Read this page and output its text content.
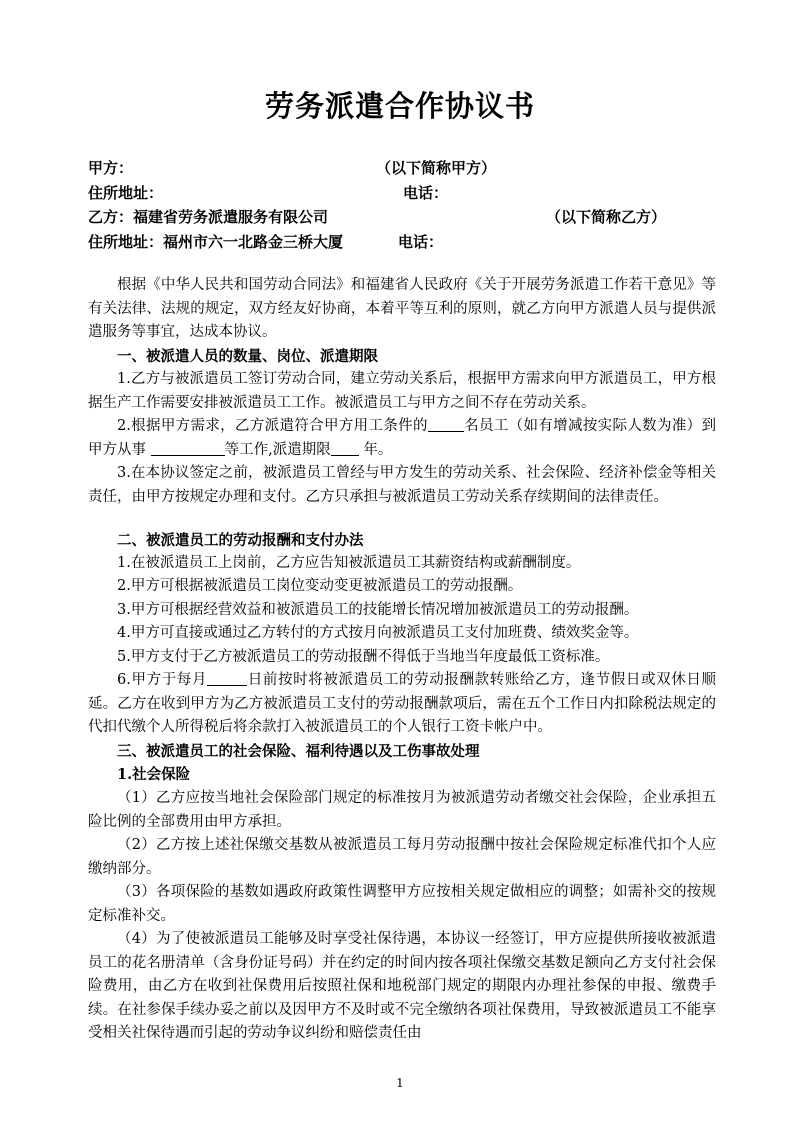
劳务派遣合作协议书
甲方：	（以下简称甲方）
住所地址：	电话：
乙方：福建省劳务派遣服务有限公司	（以下简称乙方）
住所地址：福州市六一北路金三桥大厦	电话：
根据《中华人民共和国劳动合同法》和福建省人民政府《关于开展劳务派遣工作若干意见》等有关法律、法规的规定，双方经友好协商，本着平等互利的原则，就乙方向甲方派遣人员与提供派遣服务等事宜，达成本协议。
一、被派遣人员的数量、岗位、派遣期限
1.乙方与被派遣员工签订劳动合同，建立劳动关系后，根据甲方需求向甲方派遣员工，甲方根据生产工作需要安排被派遣员工工作。被派遣员工与甲方之间不存在劳动关系。
2.根据甲方需求，乙方派遣符合甲方用工条件的 名员工（如有增减按实际人数为准）到甲方从事	等工作,派遣期限 年。
3.在本协议签定之前，被派遣员工曾经与甲方发生的劳动关系、社会保险、经济补偿金等相关责任，由甲方按规定办理和支付。乙方只承担与被派遣员工劳动关系存续期间的法律责任。
二、被派遣员工的劳动报酬和支付办法
1.在被派遣员工上岗前，乙方应告知被派遣员工其薪资结构或薪酬制度。
2.甲方可根据被派遣员工岗位变动变更被派遣员工的劳动报酬。
3.甲方可根据经营效益和被派遣员工的技能增长情况增加被派遣员工的劳动报酬。
4.甲方可直接或通过乙方转付的方式按月向被派遣员工支付加班费、绩效奖金等。
5.甲方支付于乙方被派遣员工的劳动报酬不得低于当地当年度最低工资标准。
6.甲方于每月	日前按时将被派遣员工的劳动报酬款转账给乙方，逢节假日或双休日顺延。乙方在收到甲方为乙方被派遣员工支付的劳动报酬款项后，需在五个工作日内扣除税法规定的代扣代缴个人所得税后将余款打入被派遣员工的个人银行工资卡帐户中。
三、被派遣员工的社会保险、福利待遇以及工伤事故处理
1.社会保险
（1）乙方应按当地社会保险部门规定的标准按月为被派遣劳动者缴交社会保险，企业承担五险比例的全部费用由甲方承担。
（2）乙方按上述社保缴交基数从被派遣员工每月劳动报酬中按社会保险规定标准代扣个人应缴纳部分。
（3）各项保险的基数如遇政府政策性调整甲方应按相关规定做相应的调整；如需补交的按规定标准补交。
（4）为了使被派遣员工能够及时享受社保待遇，本协议一经签订，甲方应提供所接收被派遣员工的花名册清单（含身份证号码）并在约定的时间内按各项社保缴交基数足额向乙方支付社会保险费用，由乙方在收到社保费用后按照社保和地税部门规定的期限内办理社参保的申报、缴费手续。在社参保手续办妥之前以及因甲方不及时或不完全缴纳各项社保费用，导致被派遣员工不能享受相关社保待遇而引起的劳动争议纠纷和赔偿责任由
1
